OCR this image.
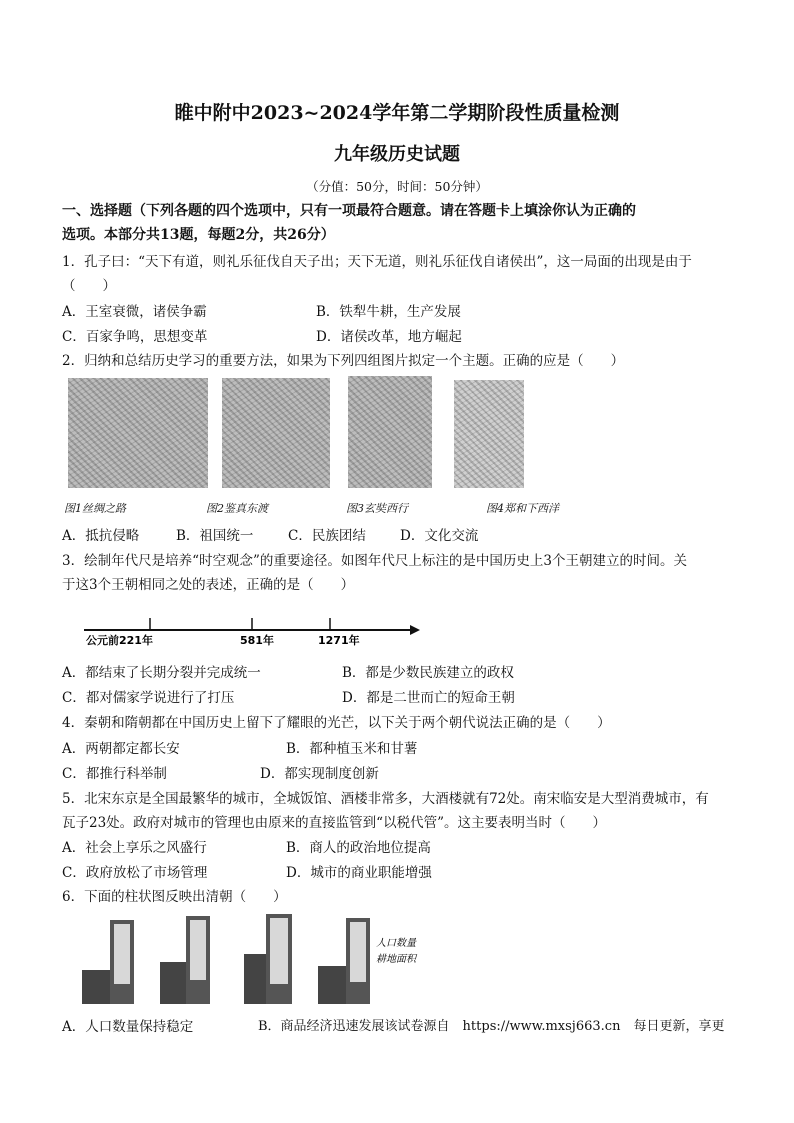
睢中附中2023~2024学年第二学期阶段性质量检测
九年级历史试题
（分值：50分，时间：50分钟）
一、选择题（下列各题的四个选项中，只有一项最符合题意。请在答题卡上填涂你认为正确的
选项。本部分共13题，每题2分，共26分）
1．孔子曰：“天下有道，则礼乐征伐自天子出；天下无道，则礼乐征伐自诸侯出”，这一局面的出现是由于
（　　）
A．王室衰微，诸侯争霸	B．铁犁牛耕，生产发展
C．百家争鸣，思想变革	D．诸侯改革，地方崛起
2．归纳和总结历史学习的重要方法，如果为下列四组图片拟定一个主题。正确的应是（　　）
图1丝绸之路	图2鉴真东渡	图3玄奘西行	图4郑和下西洋
A．抵抗侵略	B．祖国统一	C．民族团结	D．文化交流
3．绘制年代尺是培养“时空观念”的重要途径。如图年代尺上标注的是中国历史上3个王朝建立的时间。关
于这3个王朝相同之处的表述，正确的是（　　）
公元前221年	581年	1271年
A．都结束了长期分裂并完成统一	B．都是少数民族建立的政权
C．都对儒家学说进行了打压	D．都是二世而亡的短命王朝
4．秦朝和隋朝都在中国历史上留下了耀眼的光芒，以下关于两个朝代说法正确的是（　　）
A．两朝都定都长安	B．都种植玉米和甘薯
C．都推行科举制	D．都实现制度创新
5．北宋东京是全国最繁华的城市，全城饭馆、酒楼非常多，大酒楼就有72处。南宋临安是大型消费城市，有
瓦子23处。政府对城市的管理也由原来的直接监管到“以税代管”。这主要表明当时（　　）
A．社会上享乐之风盛行	B．商人的政治地位提高
C．政府放松了市场管理	D．城市的商业职能增强
6．下面的柱状图反映出清朝（　　）
人口数量
耕地面积
A．人口数量保持稳定	B．商品经济迅速发展该试卷源自　https://www.mxsj663.cn　每日更新，享更
